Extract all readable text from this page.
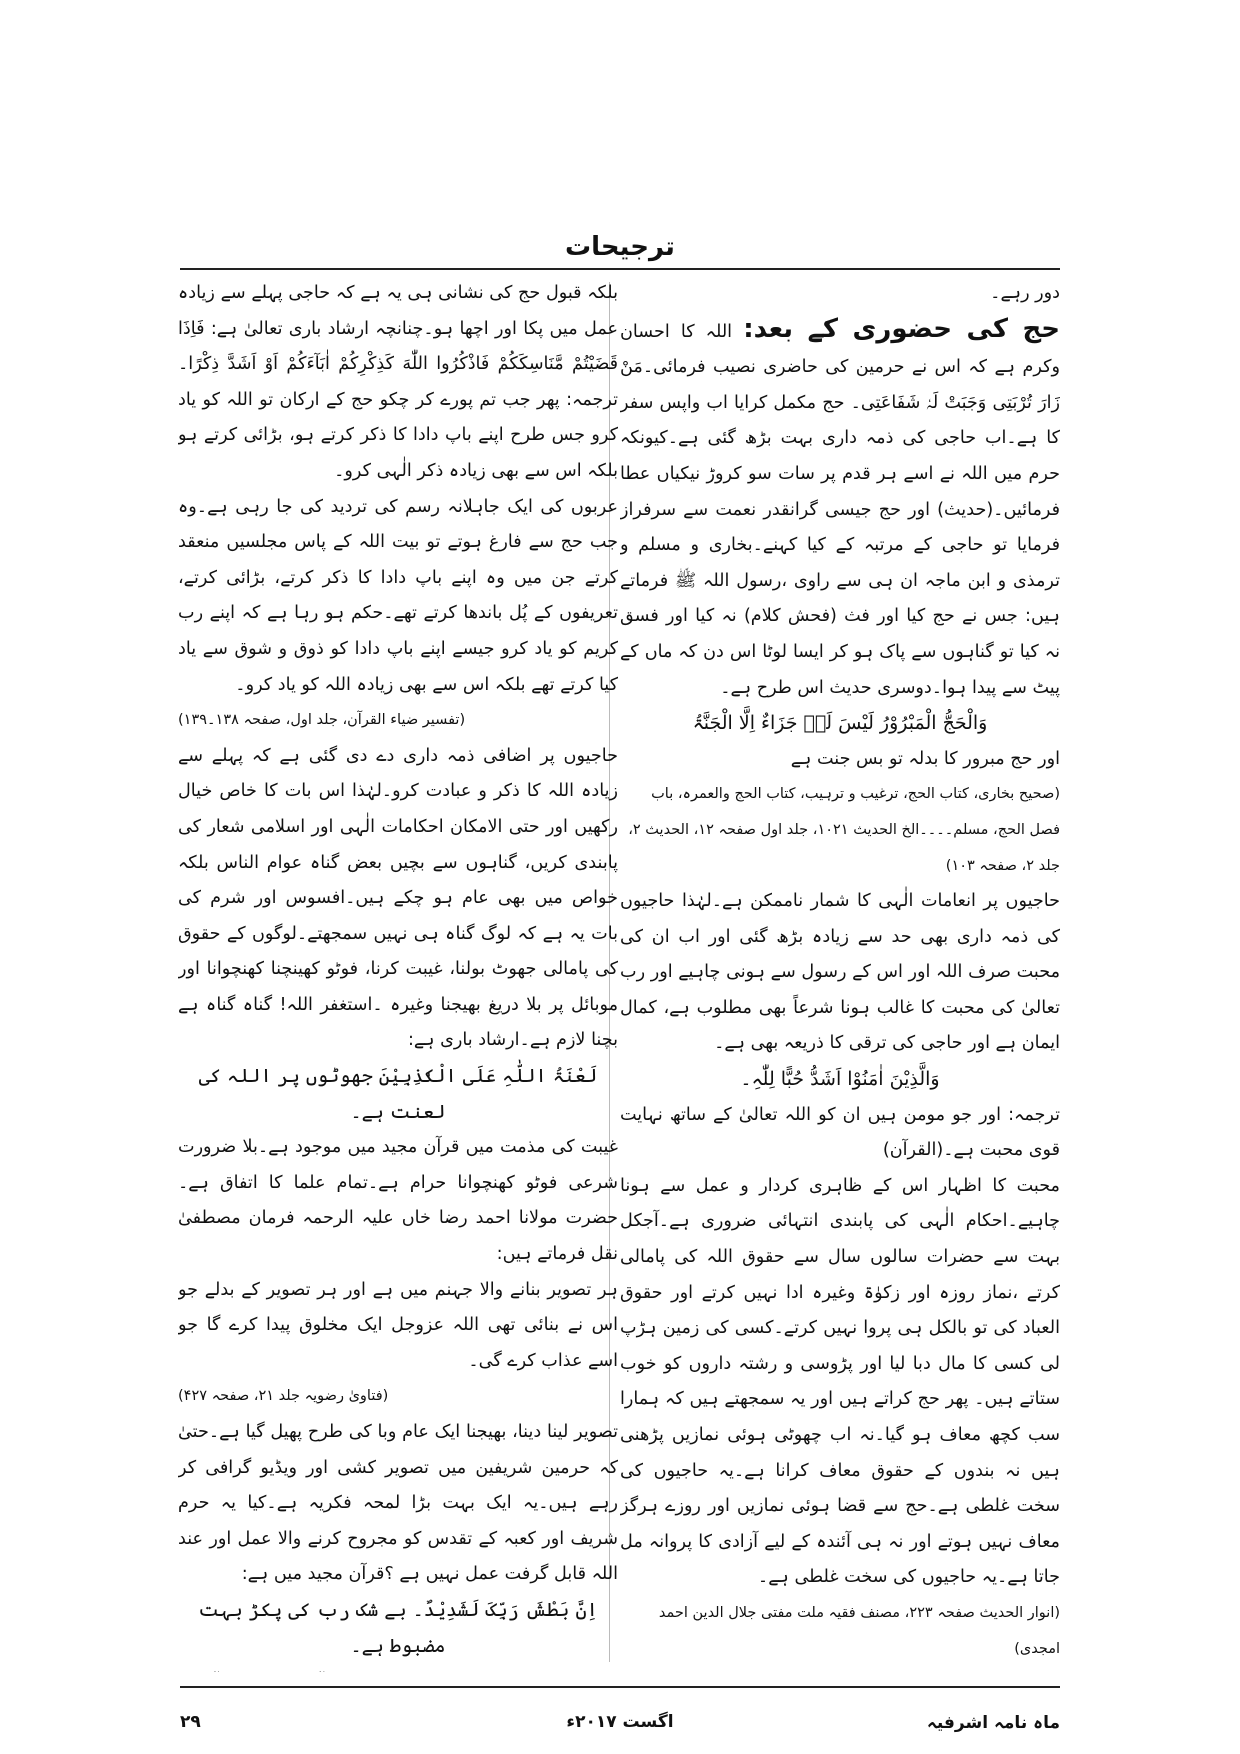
ترجیحات

دور رہے۔

حج کی حضوری کے بعد: اللہ کا احسان وکرم ہے کہ اس نے حرمین کی حاضری نصیب فرمائی۔مَنْ زَارَ تُرْبَتِی وَجَبَتْ لَہٗ شَفَاعَتِی۔ حج مکمل کرایا اب واپس سفر کا ہے۔اب حاجی کی ذمہ داری بہت بڑھ گئی ہے۔کیونکہ حرم میں اللہ نے اسے ہر قدم پر سات سو کروڑ نیکیاں عطا فرمائیں۔(حدیث) اور حج جیسی گرانقدر نعمت سے سرفراز فرمایا تو حاجی کے مرتبہ کے کیا کہنے۔بخاری و مسلم و ترمذی و ابن ماجہ ان ہی سے راوی ،رسول اللہ ﷺ فرماتے ہیں: جس نے حج کیا اور فث (فحش کلام) نہ کیا اور فسق نہ کیا تو گناہوں سے پاک ہو کر ایسا لوٹا اس دن کہ ماں کے پیٹ سے پیدا ہوا۔دوسری حدیث اس طرح ہے۔

وَالْحَجُّ الْمَبْرُوْرُ لَیْسَ لَہٗ جَزَاءٌ اِلَّا الْجَنَّۃُ

اور حج مبرور کا بدلہ تو بس جنت ہے

(صحیح بخاری، کتاب الحج، ترغیب و ترہیب، کتاب الحج والعمرہ، باب فصل الحج، مسلم۔۔۔۔الخ الحدیث ۱۰۲۱، جلد اول صفحہ ۱۲، الحدیث ۲، جلد ۲، صفحہ ۱۰۳)

حاجیوں پر انعامات الٰہی کا شمار ناممکن ہے۔لہٰذا حاجیوں کی ذمہ داری بھی حد سے زیادہ بڑھ گئی اور اب ان کی محبت صرف اللہ اور اس کے رسول سے ہونی چاہیے اور رب تعالیٰ کی محبت کا غالب ہونا شرعاً بھی مطلوب ہے، کمال ایمان ہے اور حاجی کی ترقی کا ذریعہ بھی ہے۔

وَالَّذِیْنَ اٰمَنُوْا اَشَدُّ حُبًّا لِلّٰہِ۔

ترجمہ: اور جو مومن ہیں ان کو اللہ تعالیٰ کے ساتھ نہایت قوی محبت ہے۔(القرآن)

محبت کا اظہار اس کے ظاہری کردار و عمل سے ہونا چاہیے۔احکام الٰہی کی پابندی انتہائی ضروری ہے۔آجکل بہت سے حضرات سالوں سال سے حقوق اللہ کی پامالی کرتے ،نماز روزہ اور زکوٰۃ وغیرہ ادا نہیں کرتے اور حقوق العباد کی تو بالکل ہی پروا نہیں کرتے۔کسی کی زمین ہڑپ لی کسی کا مال دبا لیا اور پڑوسی و رشتہ داروں کو خوب ستاتے ہیں۔ پھر حج کراتے ہیں اور یہ سمجھتے ہیں کہ ہمارا سب کچھ معاف ہو گیا۔نہ اب چھوٹی ہوئی نمازیں پڑھنی ہیں نہ بندوں کے حقوق معاف کرانا ہے۔یہ حاجیوں کی سخت غلطی ہے۔حج سے قضا ہوئی نمازیں اور روزے ہرگز معاف نہیں ہوتے اور نہ ہی آئندہ کے لیے آزادی کا پروانہ مل جاتا ہے۔یہ حاجیوں کی سخت غلطی ہے۔

(انوار الحدیث صفحہ ۲۲۳، مصنف فقیہ ملت مفتی جلال الدین احمد امجدی)

بلکہ قبول حج کی نشانی ہی یہ ہے کہ حاجی پہلے سے زیادہ عمل میں پکا اور اچھا ہو۔چنانچہ ارشاد باری تعالیٰ ہے: فَاِذَا قَضَیْتُمْ مَّنَاسِكَكُمْ فَاذْكُرُوا اللّٰهَ كَذِكْرِكُمْ اٰبَآءَكُمْ اَوْ اَشَدَّ ذِكْرًا۔ ترجمہ: پھر جب تم پورے کر چکو حج کے ارکان تو اللہ کو یاد کرو جس طرح اپنے باپ دادا کا ذکر کرتے ہو، بڑائی کرتے ہو بلکہ اس سے بھی زیادہ ذکر الٰہی کرو۔

عربوں کی ایک جاہلانہ رسم کی تردید کی جا رہی ہے۔وہ جب حج سے فارغ ہوتے تو بیت اللہ کے پاس مجلسیں منعقد کرتے جن میں وہ اپنے باپ دادا کا ذکر کرتے، بڑائی کرتے، تعریفوں کے پُل باندھا کرتے تھے۔حکم ہو رہا ہے کہ اپنے رب کریم کو یاد کرو جیسے اپنے باپ دادا کو ذوق و شوق سے یاد کیا کرتے تھے بلکہ اس سے بھی زیادہ اللہ کو یاد کرو۔

(تفسیر ضیاء القرآن، جلد اول، صفحہ ۱۳۸۔۱۳۹)

حاجیوں پر اضافی ذمہ داری دے دی گئی ہے کہ پہلے سے زیادہ اللہ کا ذکر و عبادت کرو۔لہٰذا اس بات کا خاص خیال رکھیں اور حتی الامکان احکامات الٰہی اور اسلامی شعار کی پابندی کریں، گناہوں سے بچیں بعض گناہ عوام الناس بلکہ خواص میں بھی عام ہو چکے ہیں۔افسوس اور شرم کی بات یہ ہے کہ لوگ گناہ ہی نہیں سمجھتے۔لوگوں کے حقوق کی پامالی جھوٹ بولنا، غیبت کرنا، فوٹو کھینچنا کھنچوانا اور موبائل پر بلا دریغ بھیجنا وغیرہ ۔استغفر اللہ! گناہ گناہ ہے بچنا لازم ہے۔ارشاد باری ہے:

لَعْنَۃُ اللّٰہِ عَلَی الْکٰذِبِیْنَ جھوٹوں پر اللہ کی لعنت ہے۔

غیبت کی مذمت میں قرآن مجید میں موجود ہے۔بلا ضرورت شرعی فوٹو کھنچوانا حرام ہے۔تمام علما کا اتفاق ہے۔حضرت مولانا احمد رضا خاں علیہ الرحمہ فرمان مصطفیٰ نقل فرماتے ہیں:

ہر تصویر بنانے والا جہنم میں ہے اور ہر تصویر کے بدلے جو اس نے بنائی تھی اللہ عزوجل ایک مخلوق پیدا کرے گا جو اسے عذاب کرے گی۔

(فتاویٰ رضویہ جلد ۲۱، صفحہ ۴۲۷)

تصویر لینا دینا، بھیجنا ایک عام وبا کی طرح پھیل گیا ہے۔حتیٰ کہ حرمین شریفین میں تصویر کشی اور ویڈیو گرافی کر رہے ہیں۔یہ ایک بہت بڑا لمحہ فکریہ ہے۔کیا یہ حرم شریف اور کعبہ کے تقدس کو مجروح کرنے والا عمل اور عند اللہ قابل گرفت عمل نہیں ہے ؟قرآن مجید میں ہے:

اِنَّ بَطْشَ رَبِّکَ لَشَدِیْدٌ۔ بے شک رب کی پکڑ بہت مضبوط ہے۔
ماہ نامہ اشرفیہ
اگست ۲۰۱۷ء
۲۹
